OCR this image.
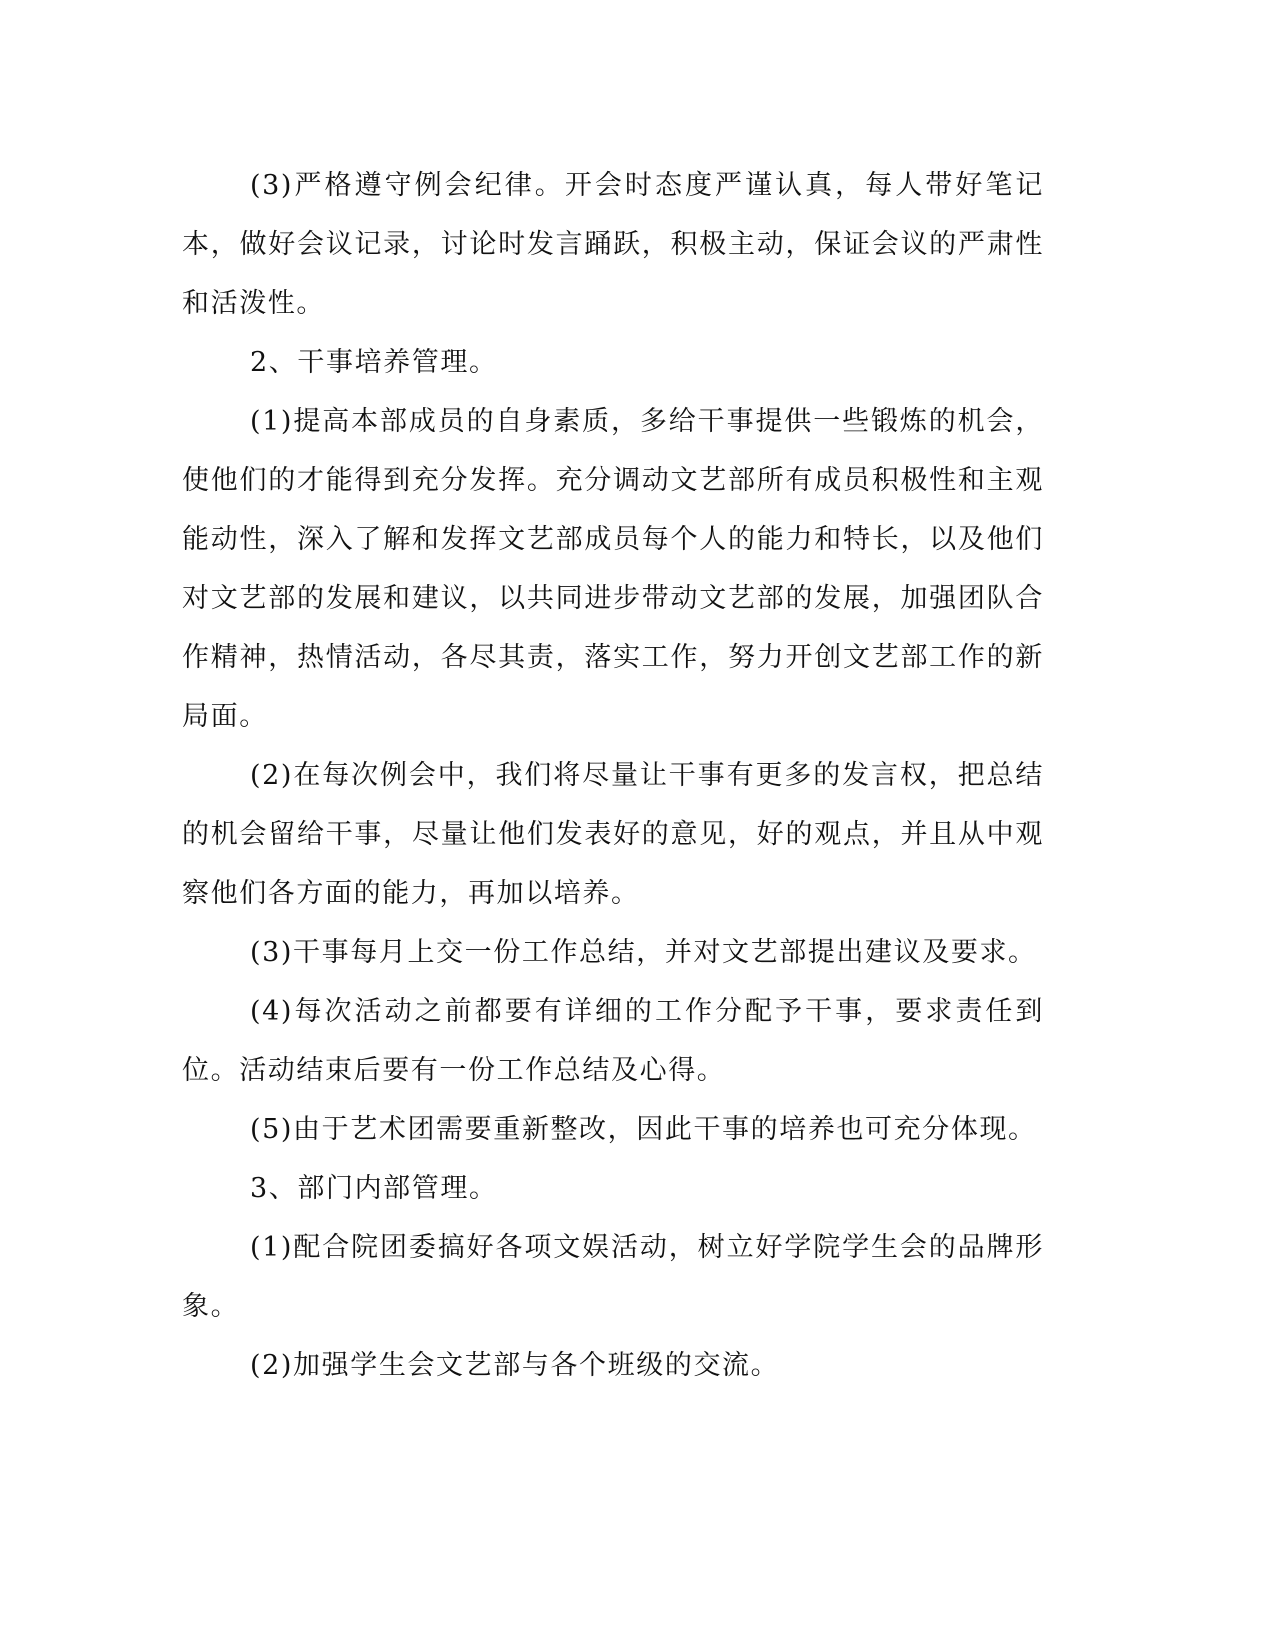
(3)严格遵守例会纪律。开会时态度严谨认真，每人带好笔记本，做好会议记录，讨论时发言踊跃，积极主动，保证会议的严肃性和活泼性。

2、干事培养管理。

(1)提高本部成员的自身素质，多给干事提供一些锻炼的机会，使他们的才能得到充分发挥。充分调动文艺部所有成员积极性和主观能动性，深入了解和发挥文艺部成员每个人的能力和特长，以及他们对文艺部的发展和建议，以共同进步带动文艺部的发展，加强团队合作精神，热情活动，各尽其责，落实工作，努力开创文艺部工作的新局面。

(2)在每次例会中，我们将尽量让干事有更多的发言权，把总结的机会留给干事，尽量让他们发表好的意见，好的观点，并且从中观察他们各方面的能力，再加以培养。

(3)干事每月上交一份工作总结，并对文艺部提出建议及要求。

(4)每次活动之前都要有详细的工作分配予干事，要求责任到位。活动结束后要有一份工作总结及心得。

(5)由于艺术团需要重新整改，因此干事的培养也可充分体现。

3、部门内部管理。

(1)配合院团委搞好各项文娱活动，树立好学院学生会的品牌形象。

(2)加强学生会文艺部与各个班级的交流。
